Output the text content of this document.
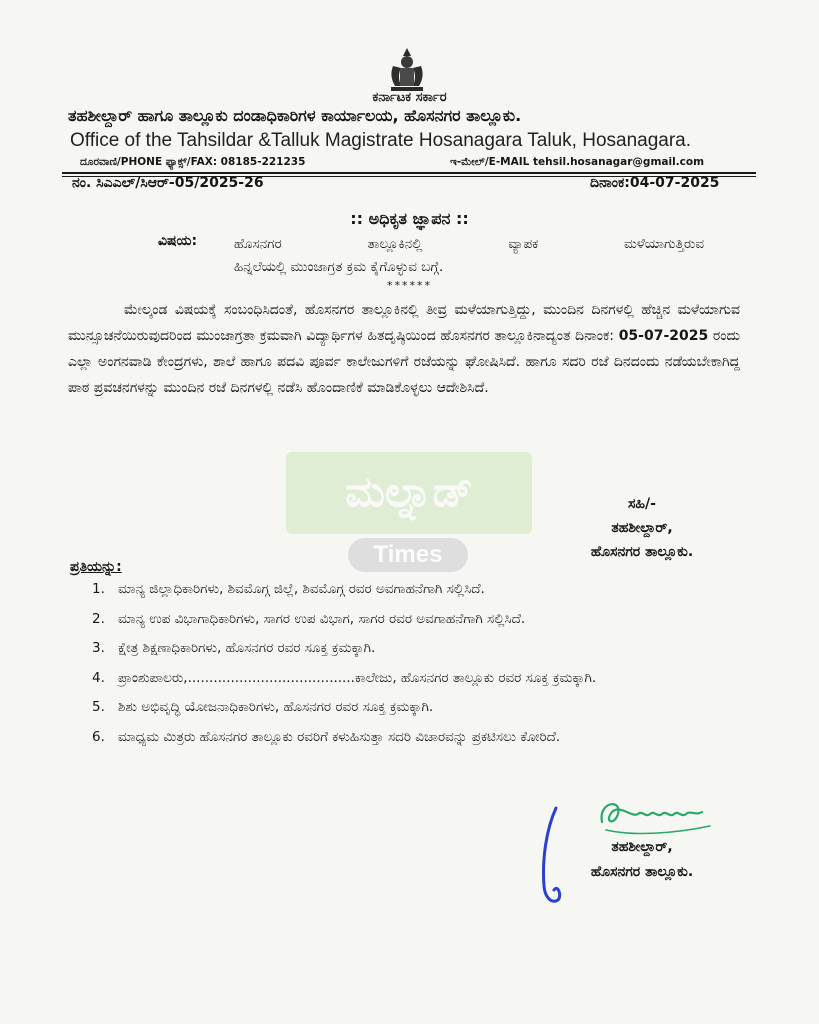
ಕರ್ನಾಟಕ ಸರ್ಕಾರ
ತಹಶೀಲ್ದಾರ್ ಹಾಗೂ ತಾಲ್ಲೂಕು ದಂಡಾಧಿಕಾರಿಗಳ ಕಾರ್ಯಾಲಯ, ಹೊಸನಗರ ತಾಲ್ಲೂಕು.
Office of the Tahsildar &Talluk Magistrate Hosanagara Taluk, Hosanagara.
ದೂರವಾಣಿ/PHONE ಫ್ಯಾಕ್ಸ್/FAX: 08185-221235	ಇ-ಮೇಲ್/E-MAIL tehsil.hosanagar@gmail.com
ನಂ. ಸಿಎಎಲ್/ಸಿಆರ್-05/2025-26	ದಿನಾಂಕ:04-07-2025
:: ಅಧಿಕೃತ ಜ್ಞಾಪನ ::
ವಿಷಯ:	ಹೊಸನಗರ ತಾಲ್ಲೂಕಿನಲ್ಲಿ ವ್ಯಾಪಕ ಮಳೆಯಾಗುತ್ತಿರುವ
ಹಿನ್ನಲೆಯಲ್ಲಿ ಮುಂಜಾಗ್ರತ ಕ್ರಮ ಕೈಗೊಳ್ಳುವ ಬಗ್ಗೆ.
******
ಮೇಲ್ಕಂಡ ವಿಷಯಕ್ಕೆ ಸಂಬಂಧಿಸಿದಂತೆ, ಹೊಸನಗರ ತಾಲ್ಲೂಕಿನಲ್ಲಿ ತೀವ್ರ ಮಳೆಯಾಗುತ್ತಿದ್ದು, ಮುಂದಿನ ದಿನಗಳಲ್ಲಿ ಹೆಚ್ಚಿನ ಮಳೆಯಾಗುವ ಮುನ್ಸೂಚನೆಯಿರುವುದರಿಂದ ಮುಂಜಾಗ್ರತಾ ಕ್ರಮವಾಗಿ ವಿದ್ಯಾರ್ಥಿಗಳ ಹಿತದೃಷ್ಠಿಯಿಂದ ಹೊಸನಗರ ತಾಲ್ಲೂಕಿನಾದ್ಯಂತ ದಿನಾಂಕ: 05-07-2025 ರಂದು ಎಲ್ಲಾ ಅಂಗನವಾಡಿ ಕೇಂದ್ರಗಳು, ಶಾಲೆ ಹಾಗೂ ಪದವಿ ಪೂರ್ವ ಕಾಲೇಜುಗಳಿಗೆ ರಜೆಯನ್ನು ಘೋಷಿಸಿದೆ. ಹಾಗೂ ಸದರಿ ರಜೆ ದಿನದಂದು ನಡೆಯಬೇಕಾಗಿದ್ದ ಪಾಠ ಪ್ರವಚನಗಳನ್ನು ಮುಂದಿನ ರಜೆ ದಿನಗಳಲ್ಲಿ ನಡೆಸಿ ಹೊಂದಾಣಿಕೆ ಮಾಡಿಕೊಳ್ಳಲು ಆದೇಶಿಸಿದೆ.
ಮಲ್ನಾಡ್
Times
ಸಹಿ/-
ತಹಶೀಲ್ದಾರ್,
ಹೊಸನಗರ ತಾಲ್ಲೂಕು.
ಪ್ರತಿಯನ್ನು:
1. ಮಾನ್ಯ ಜಿಲ್ಲಾಧಿಕಾರಿಗಳು, ಶಿವಮೊಗ್ಗ ಜಿಲ್ಲೆ, ಶಿವಮೊಗ್ಗ ರವರ ಅವಗಾಹನೆಗಾಗಿ ಸಲ್ಲಿಸಿದೆ.
2. ಮಾನ್ಯ ಉಪ ವಿಭಾಗಾಧಿಕಾರಿಗಳು, ಸಾಗರ ಉಪ ವಿಭಾಗ, ಸಾಗರ ರವರ ಅವಗಾಹನೆಗಾಗಿ ಸಲ್ಲಿಸಿದೆ.
3. ಕ್ಷೇತ್ರ ಶಿಕ್ಷಣಾಧಿಕಾರಿಗಳು, ಹೊಸನಗರ ರವರ ಸೂಕ್ತ ಕ್ರಮಕ್ಕಾಗಿ.
4. ಪ್ರಾಂಶುಪಾಲರು,.......................................ಕಾಲೇಜು, ಹೊಸನಗರ ತಾಲ್ಲೂಕು ರವರ ಸೂಕ್ತ ಕ್ರಮಕ್ಕಾಗಿ.
5. ಶಿಶು ಅಭಿವೃದ್ಧಿ ಯೋಜನಾಧಿಕಾರಿಗಳು, ಹೊಸನಗರ ರವರ ಸೂಕ್ತ ಕ್ರಮಕ್ಕಾಗಿ.
6. ಮಾಧ್ಯಮ ಮಿತ್ರರು ಹೊಸನಗರ ತಾಲ್ಲೂಕು ರವರಿಗೆ ಕಳುಹಿಸುತ್ತಾ ಸದರಿ ವಿಚಾರವನ್ನು ಪ್ರಕಟಿಸಲು ಕೋರಿದೆ.
ತಹಶೀಲ್ದಾರ್,
ಹೊಸನಗರ ತಾಲ್ಲೂಕು.
